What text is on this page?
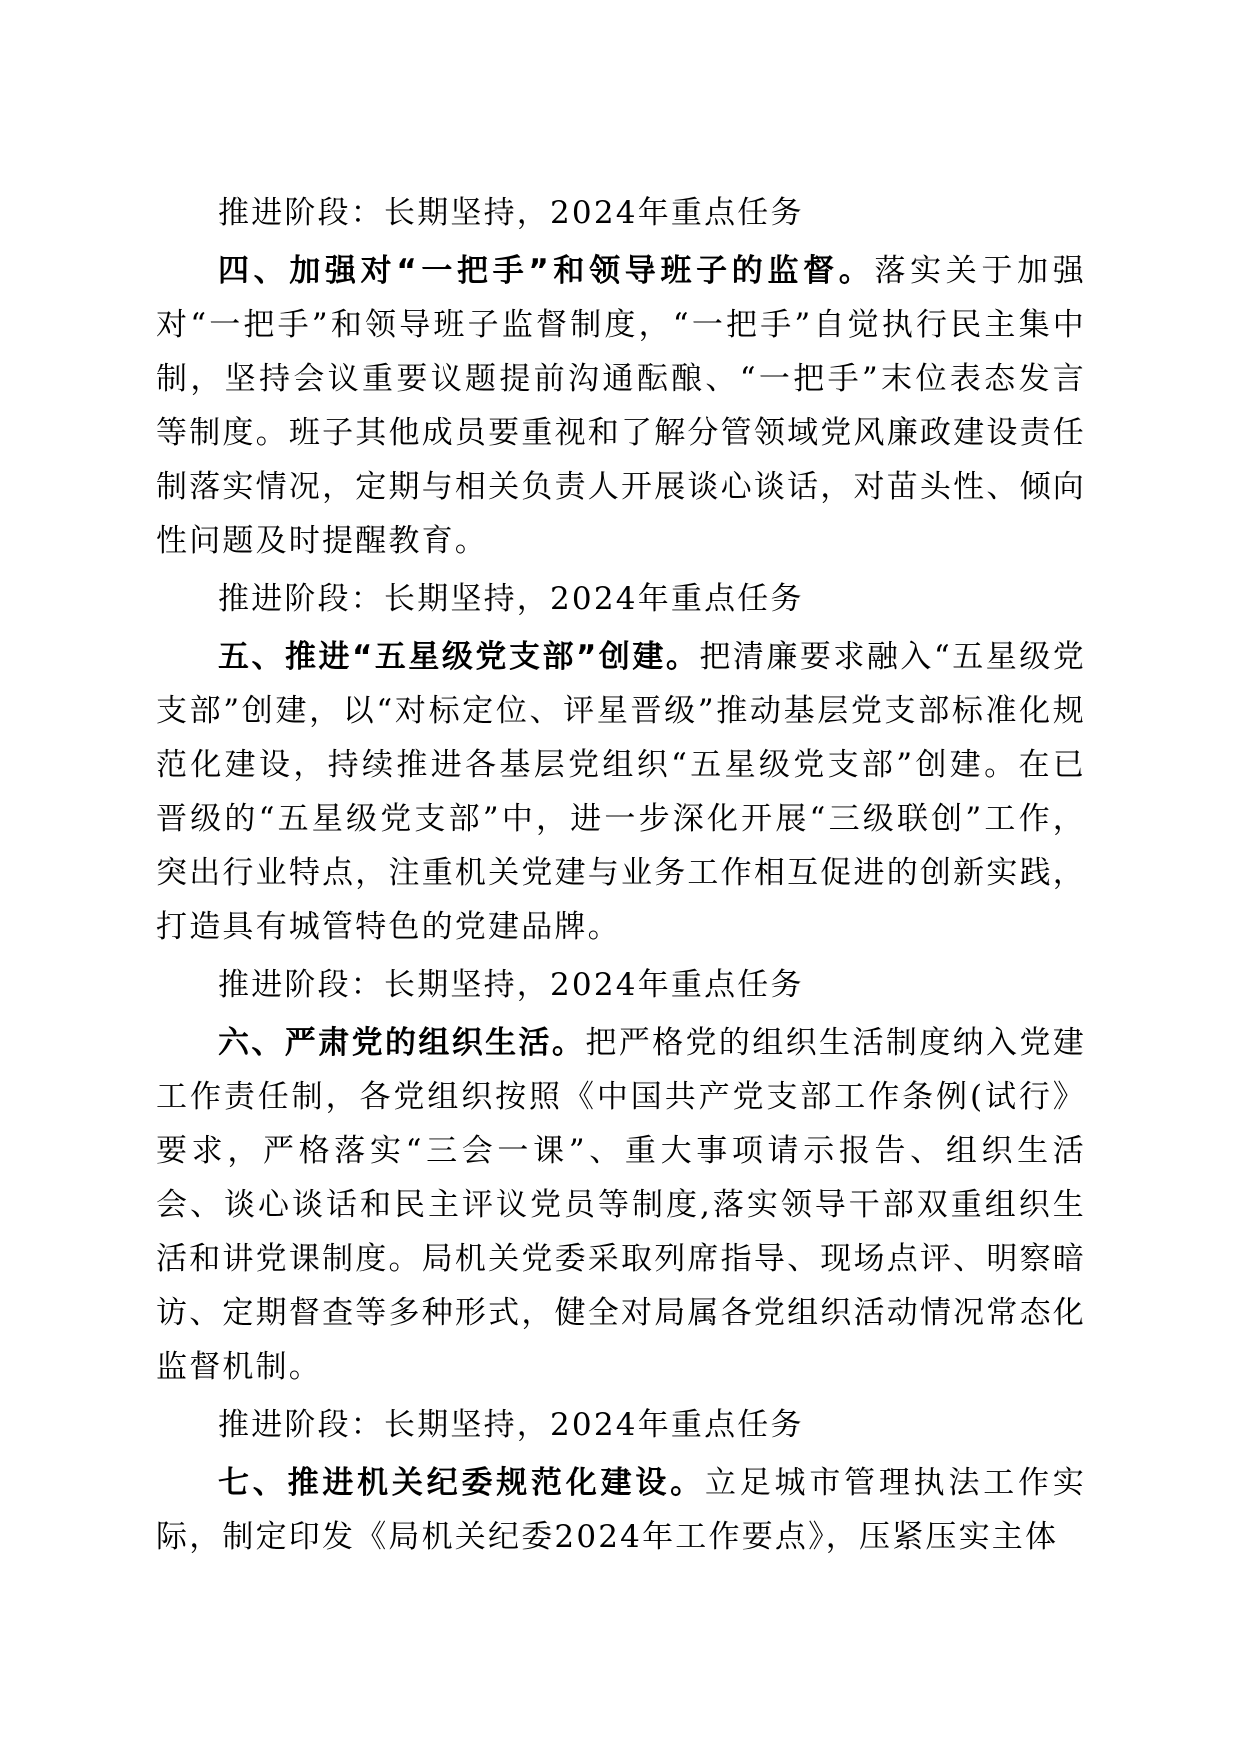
推进阶段：长期坚持，2024年重点任务

四、加强对“一把手”和领导班子的监督。落实关于加强对“一把手”和领导班子监督制度，“一把手”自觉执行民主集中制，坚持会议重要议题提前沟通酝酿、“一把手”末位表态发言等制度。班子其他成员要重视和了解分管领域党风廉政建设责任制落实情况，定期与相关负责人开展谈心谈话，对苗头性、倾向性问题及时提醒教育。

推进阶段：长期坚持，2024年重点任务

五、推进“五星级党支部”创建。把清廉要求融入“五星级党支部”创建，以“对标定位、评星晋级”推动基层党支部标准化规范化建设，持续推进各基层党组织“五星级党支部”创建。在已晋级的“五星级党支部”中，进一步深化开展“三级联创”工作，突出行业特点，注重机关党建与业务工作相互促进的创新实践，打造具有城管特色的党建品牌。

推进阶段：长期坚持，2024年重点任务

六、严肃党的组织生活。把严格党的组织生活制度纳入党建工作责任制，各党组织按照《中国共产党支部工作条例(试行》要求，严格落实“三会一课”、重大事项请示报告、组织生活会、谈心谈话和民主评议党员等制度,落实领导干部双重组织生活和讲党课制度。局机关党委采取列席指导、现场点评、明察暗访、定期督查等多种形式，健全对局属各党组织活动情况常态化监督机制。

推进阶段：长期坚持，2024年重点任务

七、推进机关纪委规范化建设。立足城市管理执法工作实际，制定印发《局机关纪委2024年工作要点》，压紧压实主体
